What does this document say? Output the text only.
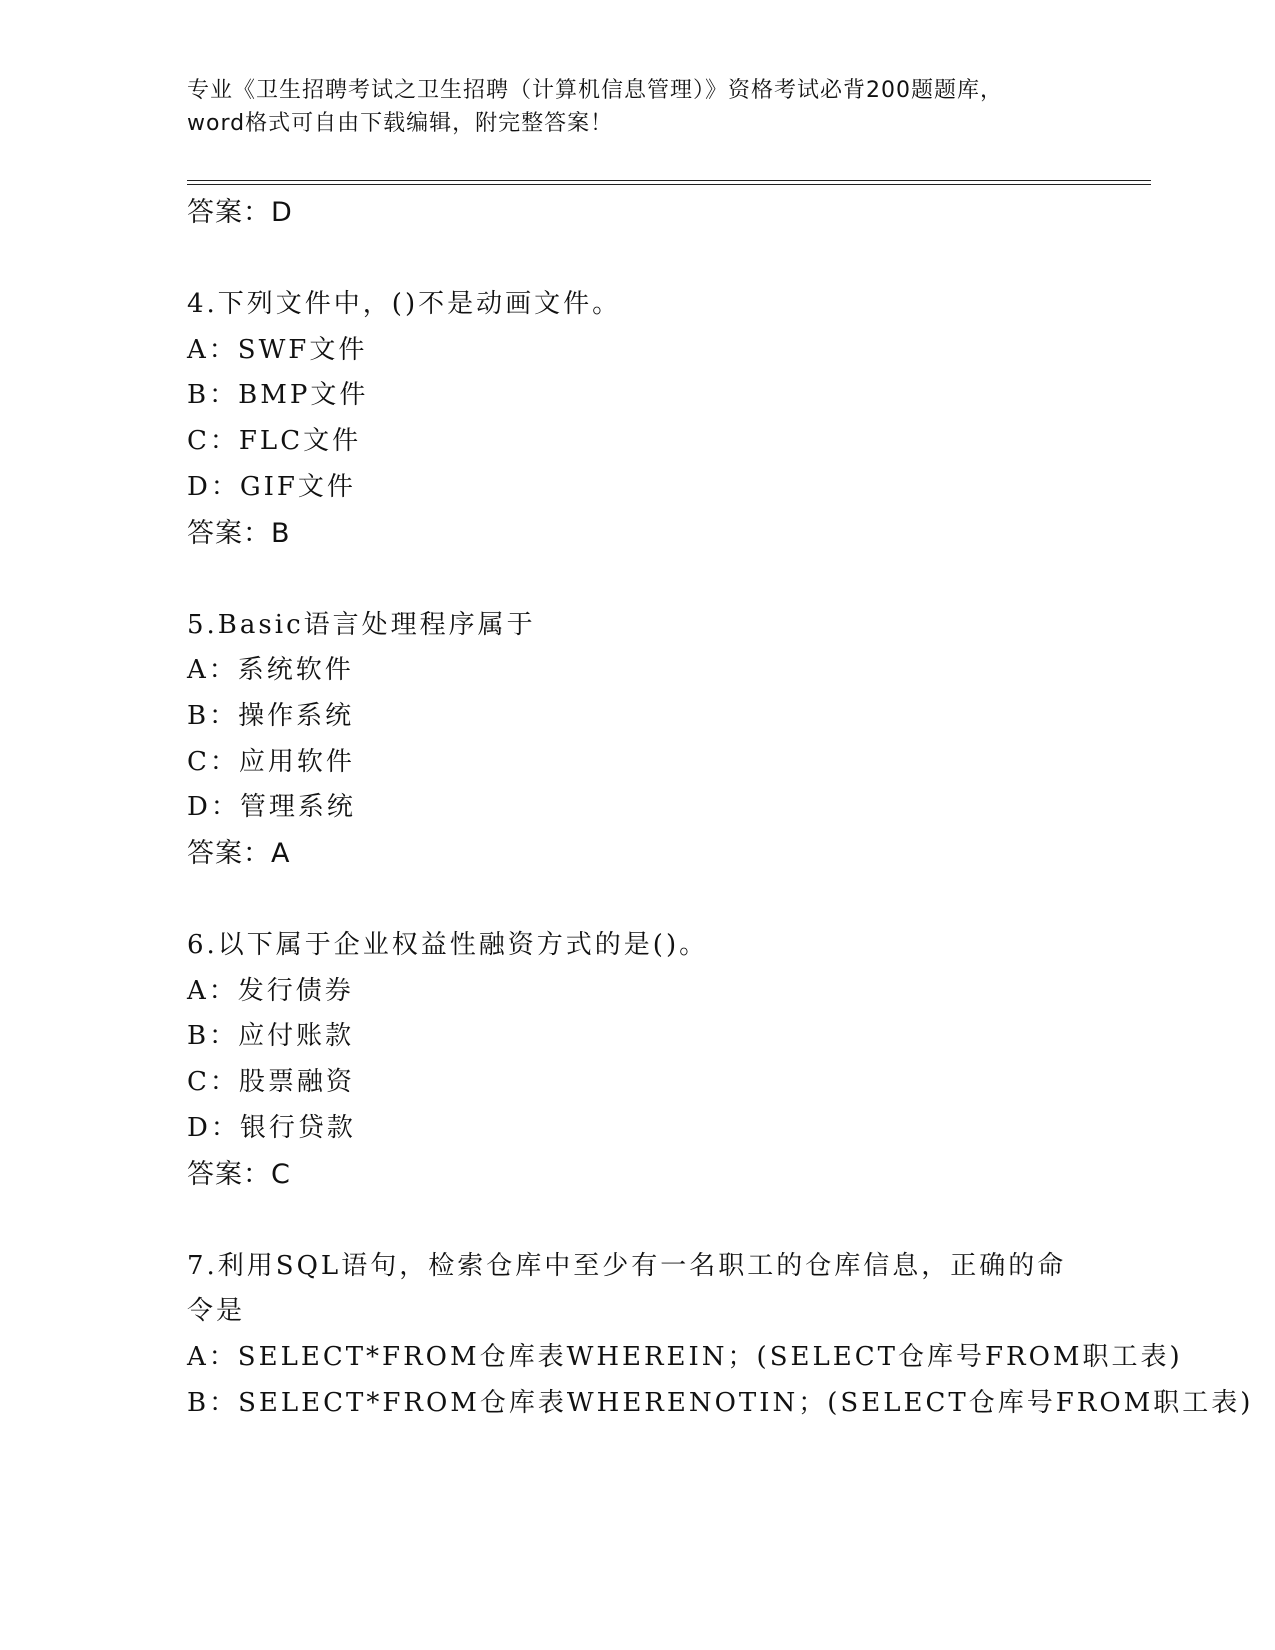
专业《卫生招聘考试之卫生招聘（计算机信息管理）》资格考试必背200题题库，
word格式可自由下载编辑，附完整答案！
答案：D
4.下列文件中，()不是动画文件。
A：SWF文件
B：BMP文件
C：FLC文件
D：GIF文件
答案：B
5.Basic语言处理程序属于
A：系统软件
B：操作系统
C：应用软件
D：管理系统
答案：A
6.以下属于企业权益性融资方式的是()。
A：发行债券
B：应付账款
C：股票融资
D：银行贷款
答案：C
7.利用SQL语句，检索仓库中至少有一名职工的仓库信息，正确的命
令是
A：SELECT*FROM仓库表WHEREIN；(SELECT仓库号FROM职工表)
B：SELECT*FROM仓库表WHERENOTIN；(SELECT仓库号FROM职工表)
